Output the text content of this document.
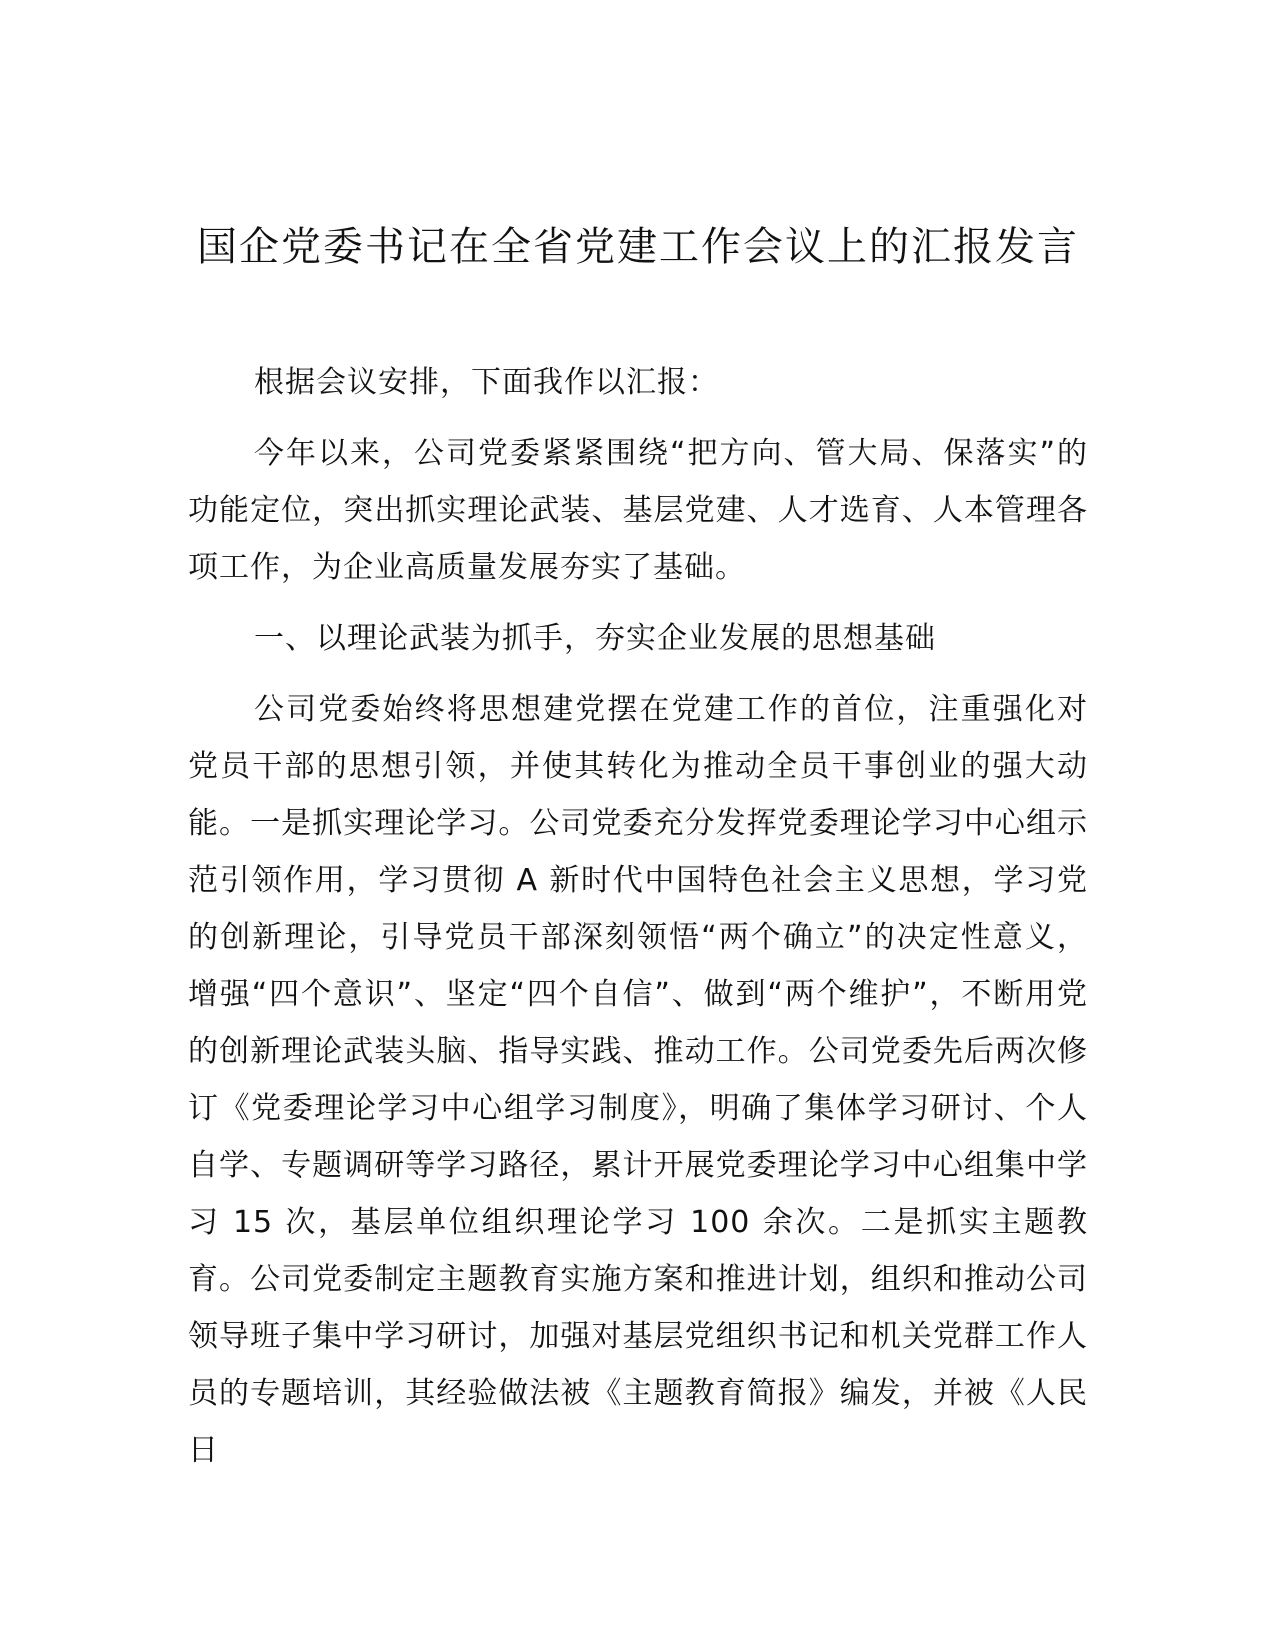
国企党委书记在全省党建工作会议上的汇报发言

根据会议安排，下面我作以汇报：

今年以来，公司党委紧紧围绕“把方向、管大局、保落实”的功能定位，突出抓实理论武装、基层党建、人才选育、人本管理各项工作，为企业高质量发展夯实了基础。

一、以理论武装为抓手，夯实企业发展的思想基础

公司党委始终将思想建党摆在党建工作的首位，注重强化对党员干部的思想引领，并使其转化为推动全员干事创业的强大动能。一是抓实理论学习。公司党委充分发挥党委理论学习中心组示范引领作用，学习贯彻 A 新时代中国特色社会主义思想，学习党的创新理论，引导党员干部深刻领悟“两个确立”的决定性意义，增强“四个意识”、坚定“四个自信”、做到“两个维护”，不断用党的创新理论武装头脑、指导实践、推动工作。公司党委先后两次修订《党委理论学习中心组学习制度》，明确了集体学习研讨、个人自学、专题调研等学习路径，累计开展党委理论学习中心组集中学习 15 次，基层单位组织理论学习 100 余次。二是抓实主题教育。公司党委制定主题教育实施方案和推进计划，组织和推动公司领导班子集中学习研讨，加强对基层党组织书记和机关党群工作人员的专题培训，其经验做法被《主题教育简报》编发，并被《人民日
